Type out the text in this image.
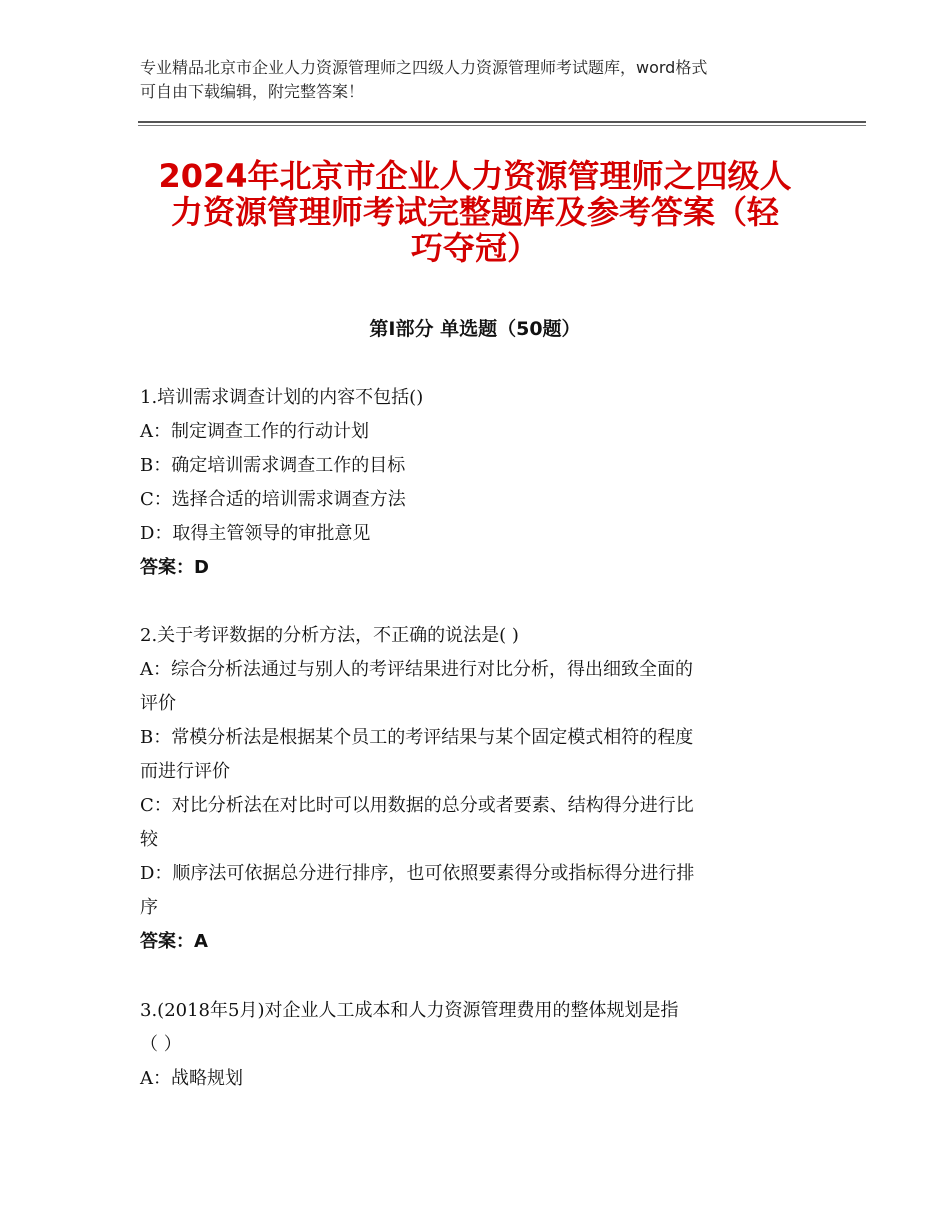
专业精品北京市企业人力资源管理师之四级人力资源管理师考试题库，word格式
可自由下载编辑，附完整答案！
2024年北京市企业人力资源管理师之四级人
力资源管理师考试完整题库及参考答案（轻
巧夺冠）
第Ⅰ部分 单选题（50题）
1.培训需求调查计划的内容不包括()
A：制定调查工作的行动计划
B：确定培训需求调查工作的目标
C：选择合适的培训需求调查方法
D：取得主管领导的审批意见
答案：D
2.关于考评数据的分析方法，不正确的说法是( )
A：综合分析法通过与别人的考评结果进行对比分析，得出细致全面的
评价
B：常模分析法是根据某个员工的考评结果与某个固定模式相符的程度
而进行评价
C：对比分析法在对比时可以用数据的总分或者要素、结构得分进行比
较
D：顺序法可依据总分进行排序，也可依照要素得分或指标得分进行排
序
答案：A
3.(2018年5月)对企业人工成本和人力资源管理费用的整体规划是指
（ ）
A：战略规划
